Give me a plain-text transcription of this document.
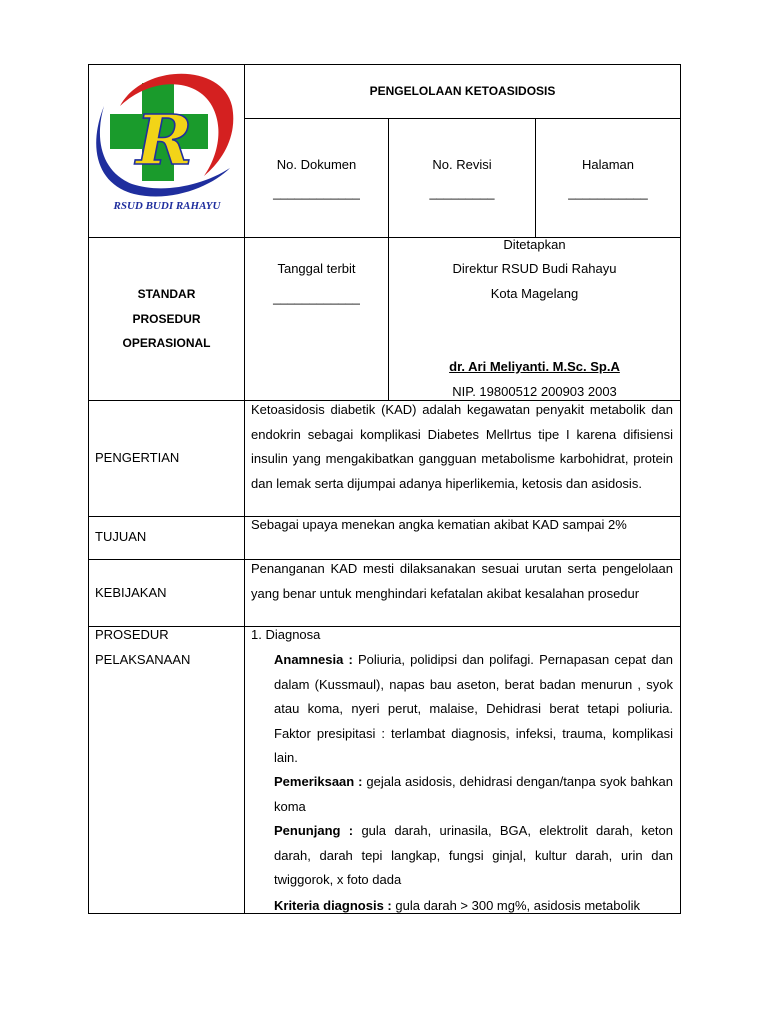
R
RSUD BUDI RAHAYU
PENGELOLAAN KETOASIDOSIS
No. Dokumen
____________
No. Revisi
_________
Halaman
___________
STANDAR
PROSEDUR
OPERASIONAL
Tanggal terbit
____________
Ditetapkan
Direktur RSUD Budi Rahayu
Kota Magelang
dr. Ari Meliyanti. M.Sc. Sp.A
NIP. 19800512 200903 2003
PENGERTIAN
Ketoasidosis diabetik (KAD) adalah kegawatan penyakit metabolik dan endokrin sebagai komplikasi Diabetes Mellrtus tipe I karena difisiensi insulin yang mengakibatkan gangguan metabolisme karbohidrat, protein dan lemak serta dijumpai adanya hiperlikemia, ketosis dan asidosis.
TUJUAN
Sebagai upaya menekan angka kematian akibat KAD sampai 2%
KEBIJAKAN
Penanganan KAD mesti dilaksanakan sesuai urutan serta pengelolaan yang benar untuk menghindari kefatalan akibat kesalahan prosedur
PROSEDUR
PELAKSANAAN
1. Diagnosa
Anamnesia : Poliuria, polidipsi dan polifagi. Pernapasan cepat dan dalam (Kussmaul), napas bau aseton, berat badan menurun , syok atau koma, nyeri perut, malaise, Dehidrasi berat tetapi poliuria. Faktor presipitasi : terlambat diagnosis, infeksi, trauma, komplikasi lain.
Pemeriksaan : gejala asidosis, dehidrasi dengan/tanpa syok bahkan koma
Penunjang : gula darah, urinasila, BGA, elektrolit darah, keton darah, darah tepi langkap, fungsi ginjal, kultur darah, urin dan twiggorok, x foto dada
Kriteria diagnosis : gula darah > 300 mg%, asidosis metabolik
